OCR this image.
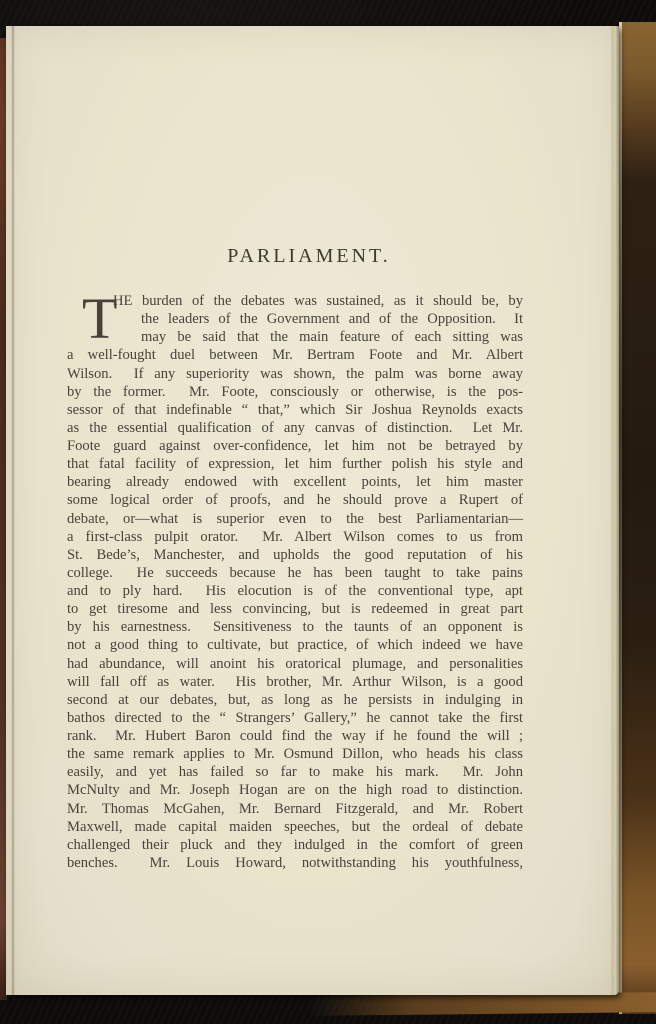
PARLIAMENT.
T
HE burden of the debates was sustained, as it should be, by
the leaders of the Government and of the Opposition.  It
may be said that the main feature of each sitting was
a well-fought duel between Mr. Bertram Foote and Mr. Albert
Wilson.  If any superiority was shown, the palm was borne away
by the former.  Mr. Foote, consciously or otherwise, is the pos-
sessor of that indefinable “ that,” which Sir Joshua Reynolds exacts
as the essential qualification of any canvas of distinction.  Let Mr.
Foote guard against over-confidence, let him not be betrayed by
that fatal facility of expression, let him further polish his style and
bearing already endowed with excellent points, let him master
some logical order of proofs, and he should prove a Rupert of
debate, or—what is superior even to the best Parliamentarian—
a first-class pulpit orator.  Mr. Albert Wilson comes to us from
St. Bede’s, Manchester, and upholds the good reputation of his
college.  He succeeds because he has been taught to take pains
and to ply hard.  His elocution is of the conventional type, apt
to get tiresome and less convincing, but is redeemed in great part
by his earnestness.  Sensitiveness to the taunts of an opponent is
not a good thing to cultivate, but practice, of which indeed we have
had abundance, will anoint his oratorical plumage, and personalities
will fall off as water.  His brother, Mr. Arthur Wilson, is a good
second at our debates, but, as long as he persists in indulging in
bathos directed to the “ Strangers’ Gallery,” he cannot take the first
rank.  Mr. Hubert Baron could find the way if he found the will ;
the same remark applies to Mr. Osmund Dillon, who heads his class
easily, and yet has failed so far to make his mark.  Mr. John
McNulty and Mr. Joseph Hogan are on the high road to distinction.
Mr. Thomas McGahen, Mr. Bernard Fitzgerald, and Mr. Robert
Maxwell, made capital maiden speeches, but the ordeal of debate
challenged their pluck and they indulged in the comfort of green
benches.  Mr. Louis Howard, notwithstanding his youthfulness,
